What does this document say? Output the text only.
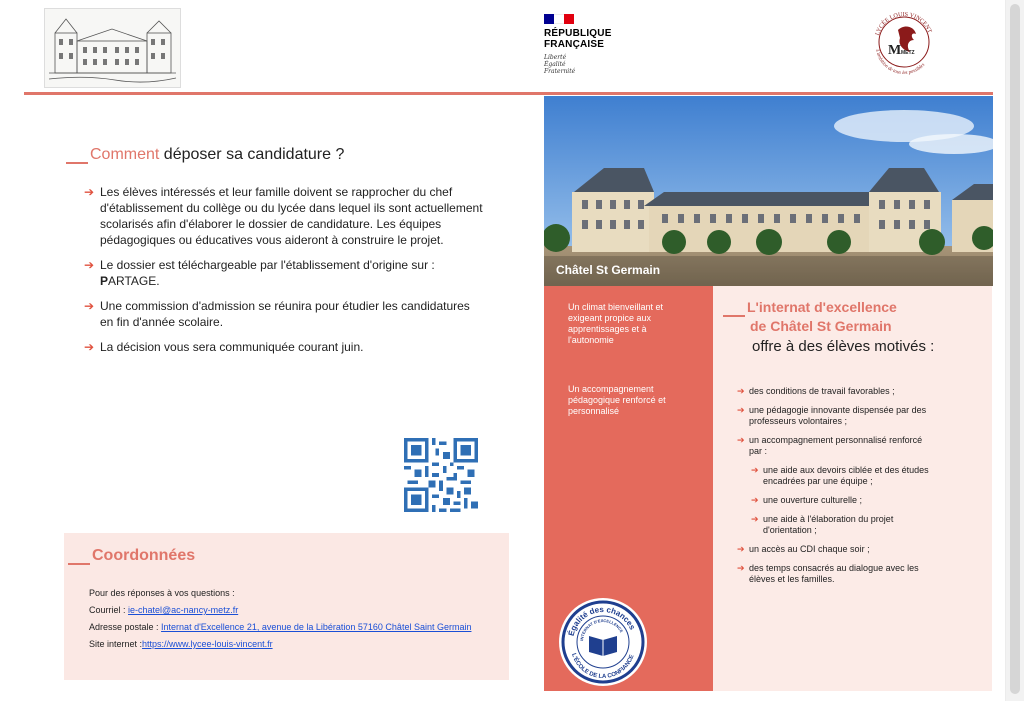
RÉPUBLIQUE
FRANÇAISE
Liberté
Égalité
Fraternité
LYCÉE LOUIS VINCENT
L'ambition de tous les possibles
M METZ
Comment déposer sa candidature ?
➔ Les élèves intéressés et leur famille doivent se rapprocher du chef
d'établissement du collège ou du lycée dans lequel ils sont actuellement
scolarisés afin d'élaborer le dossier de candidature. Les équipes
pédagogiques ou éducatives vous aideront à construire le projet.
➔ Le dossier est téléchargeable par l'établissement d'origine sur :
PARTAGE.
➔ Une commission d'admission se réunira pour étudier les candidatures
en fin d'année scolaire.
➔ La décision vous sera communiquée courant juin.
Coordonnées
Pour des réponses à vos questions :
Courriel : ie-chatel@ac-nancy-metz.fr
Adresse postale : Internat d'Excellence 21, avenue de la Libération 57160 Châtel Saint Germain
Site internet :https://www.lycee-louis-vincent.fr
Châtel St Germain
Un climat bienveillant et
exigeant propice aux
apprentissages et à
l'autonomie
Un accompagnement
pédagogique renforcé et
personnalisé
Égalité des chances
INTERNAT D'EXCELLENCE
L'ÉCOLE DE LA CONFIANCE
L'internat d'excellence
de Châtel St Germain
offre à des élèves motivés :
➔ des conditions de travail favorables ;
➔ une pédagogie innovante dispensée par des
professeurs volontaires ;
➔ un accompagnement personnalisé renforcé
par :
➔ une aide aux devoirs ciblée et des études
encadrées par une équipe ;
➔ une ouverture culturelle ;
➔ une aide à l'élaboration du projet
d'orientation ;
➔ un accès au CDI chaque soir ;
➔ des temps consacrés au dialogue avec les
élèves et les familles.
